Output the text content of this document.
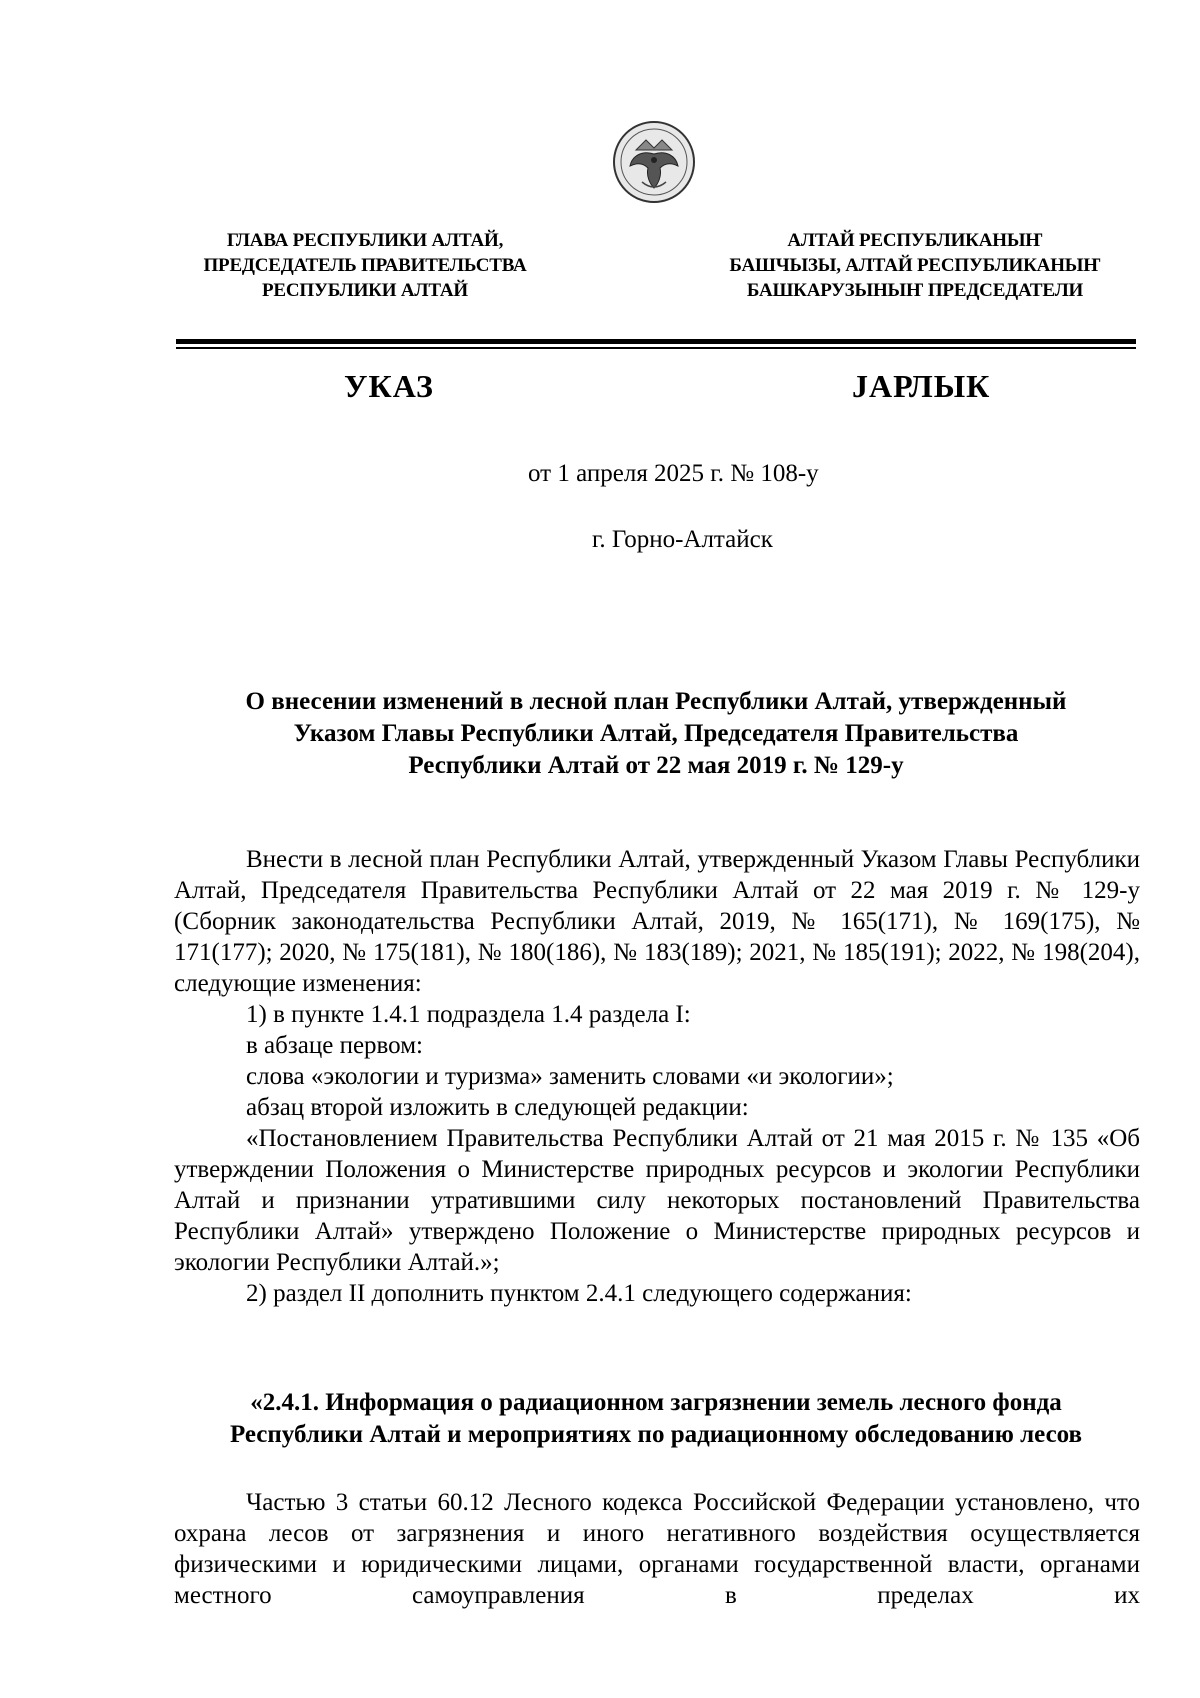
ГЛАВА РЕСПУБЛИКИ АЛТАЙ,
ПРЕДСЕДАТЕЛЬ ПРАВИТЕЛЬСТВА
РЕСПУБЛИКИ АЛТАЙ
АЛТАЙ РЕСПУБЛИКАНЫҤ
БАШЧЫЗЫ, АЛТАЙ РЕСПУБЛИКАНЫҤ
БАШКАРУЗЫНЫҤ ПРЕДСЕДАТЕЛИ
УКАЗ	JАРЛЫК
от 1 апреля 2025 г. № 108-у
г. Горно-Алтайск
О внесении изменений в лесной план Республики Алтай, утвержденный
Указом Главы Республики Алтай, Председателя Правительства
Республики Алтай от 22 мая 2019 г. № 129-у

Внести в лесной план Республики Алтай, утвержденный Указом Главы Республики Алтай, Председателя Правительства Республики Алтай от 22 мая 2019 г. № 129-у (Сборник законодательства Республики Алтай, 2019, № 165(171), № 169(175), № 171(177); 2020, № 175(181), № 180(186), № 183(189); 2021, № 185(191); 2022, № 198(204), следующие изменения:

1) в пункте 1.4.1 подраздела 1.4 раздела I:

в абзаце первом:

слова «экологии и туризма» заменить словами «и экологии»;

абзац второй изложить в следующей редакции:

«Постановлением Правительства Республики Алтай от 21 мая 2015 г. № 135 «Об утверждении Положения о Министерстве природных ресурсов и экологии Республики Алтай и признании утратившими силу некоторых постановлений Правительства Республики Алтай» утверждено Положение о Министерстве природных ресурсов и экологии Республики Алтай.»;

2) раздел II дополнить пунктом 2.4.1 следующего содержания:

«2.4.1. Информация о радиационном загрязнении земель лесного фонда
Республики Алтай и мероприятиях по радиационному обследованию лесов

Частью 3 статьи 60.12 Лесного кодекса Российской Федерации установлено, что охрана лесов от загрязнения и иного негативного воздействия осуществляется физическими и юридическими лицами, органами государственной власти, органами местного самоуправления в пределах их
